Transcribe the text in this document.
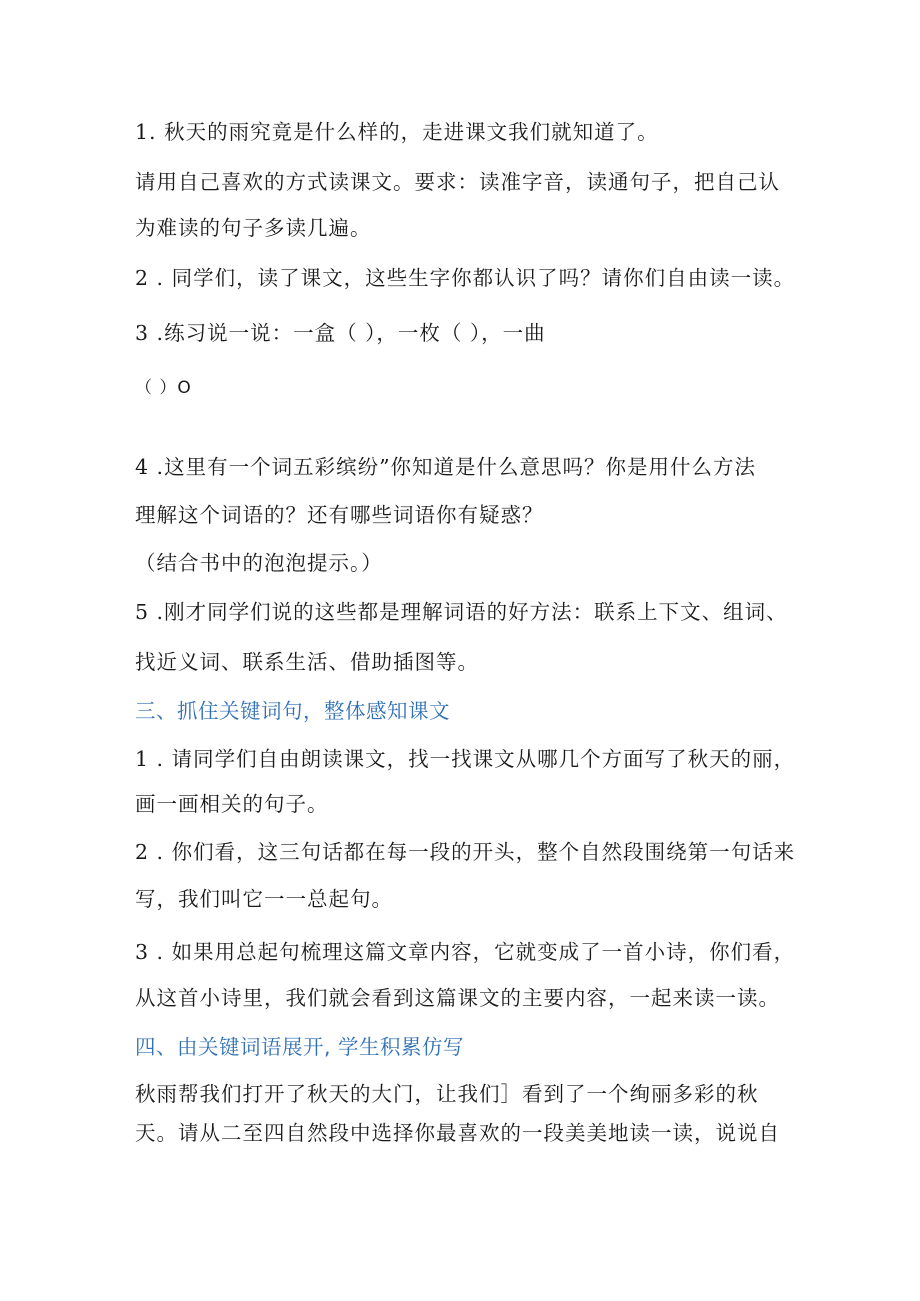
1. 秋天的雨究竟是什么样的，走进课文我们就知道了。
请用自己喜欢的方式读课文。要求：读准字音，读通句子，把自己认
为难读的句子多读几遍。
2 . 同学们，读了课文，这些生字你都认识了吗？请你们自由读一读。
3 .练习说一说：一盒（ ），一枚（ ），一曲
（ ）O
4 .这里有一个词五彩缤纷”你知道是什么意思吗？你是用什么方法
理解这个词语的？还有哪些词语你有疑惑？
（结合书中的泡泡提示。）
5 .刚才同学们说的这些都是理解词语的好方法：联系上下文、组词、
找近义词、联系生活、借助插图等。
三、抓住关键词句，整体感知课文
1 . 请同学们自由朗读课文，找一找课文从哪几个方面写了秋天的丽，
画一画相关的句子。
2 . 你们看，这三句话都在每一段的开头，整个自然段围绕第一句话来
写，我们叫它一一总起句。
3 . 如果用总起句梳理这篇文章内容，它就变成了一首小诗，你们看，
从这首小诗里，我们就会看到这篇课文的主要内容，一起来读一读。
四、由关键词语展开, 学生积累仿写
秋雨帮我们打开了秋天的大门，让我们］看到了一个绚丽多彩的秋
天。请从二至四自然段中选择你最喜欢的一段美美地读一读，说说自
